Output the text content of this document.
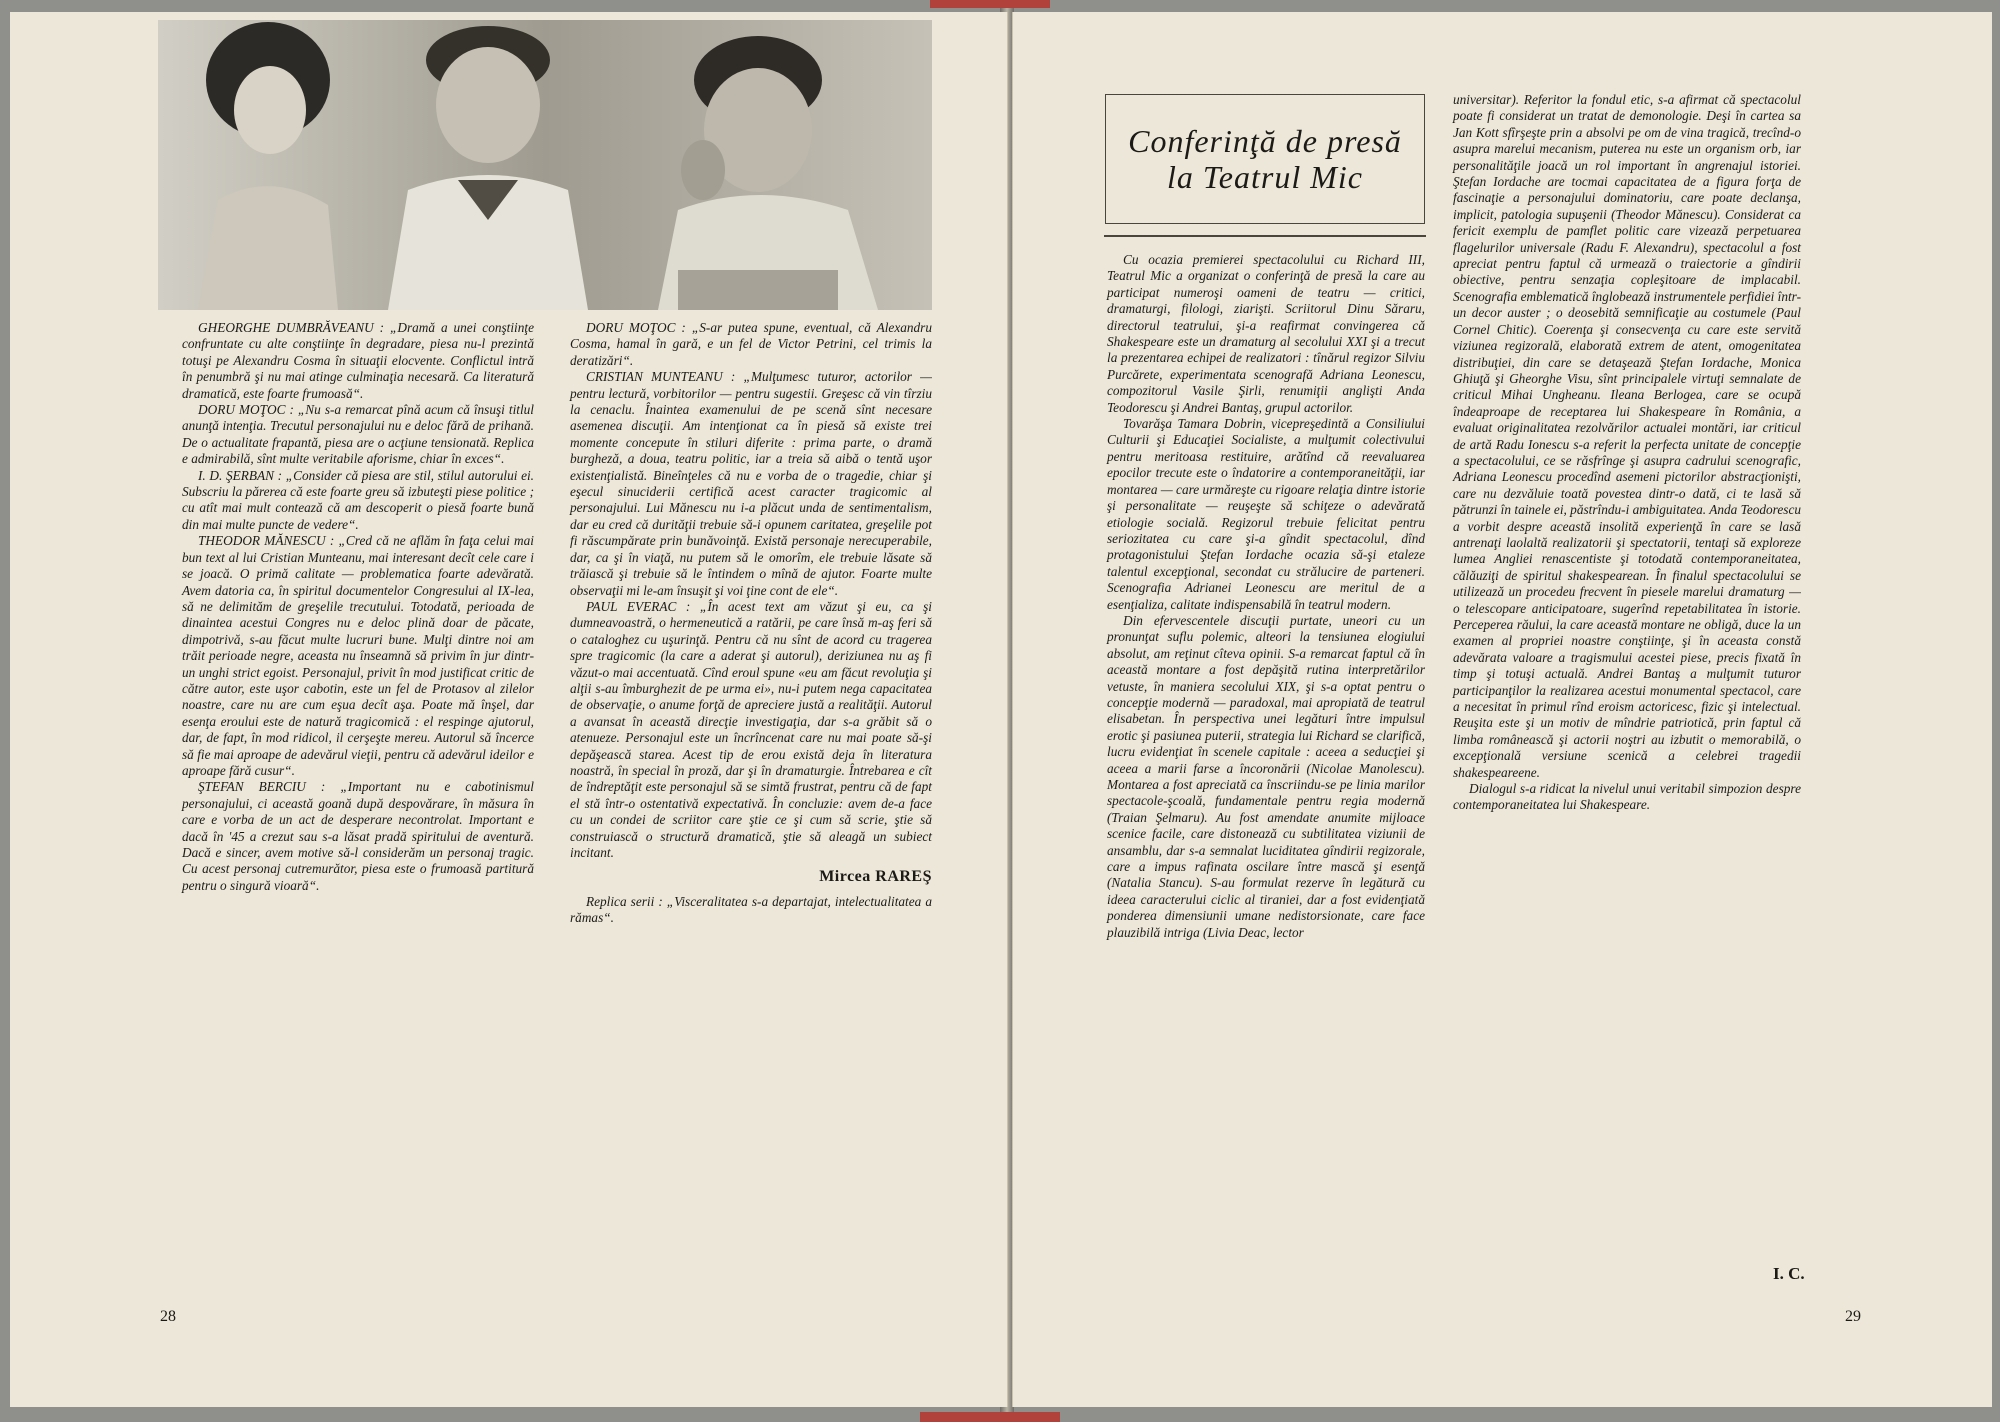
GHEORGHE DUMBRĂVEANU : „Dramă a unei conştiinţe confruntate cu alte conştiinţe în degradare, piesa nu-l prezintă totuşi pe Alexandru Cosma în situaţii elocvente. Conflictul intră în penumbră şi nu mai atinge culminaţia necesară. Ca literatură dramatică, este foarte frumoasă“.

DORU MOŢOC : „Nu s-a remarcat pînă acum că însuşi titlul anunţă intenţia. Trecutul personajului nu e deloc fără de prihană. De o actualitate frapantă, piesa are o acţiune tensionată. Replica e admirabilă, sînt multe veritabile aforisme, chiar în exces“.

I. D. ŞERBAN : „Consider că piesa are stil, stilul autorului ei. Subscriu la părerea că este foarte greu să izbuteşti piese politice ; cu atît mai mult contează că am descoperit o piesă foarte bună din mai multe puncte de vedere“.

THEODOR MĂNESCU : „Cred că ne aflăm în faţa celui mai bun text al lui Cristian Munteanu, mai interesant decît cele care i se joacă. O primă calitate — problematica foarte adevărată. Avem datoria ca, în spiritul documentelor Congresului al IX-lea, să ne delimităm de greşelile trecutului. Totodată, perioada de dinaintea acestui Congres nu e deloc plină doar de păcate, dimpotrivă, s-au făcut multe lucruri bune. Mulţi dintre noi am trăit perioade negre, aceasta nu înseamnă să privim în jur dintr-un unghi strict egoist. Personajul, privit în mod justificat critic de către autor, este uşor cabotin, este un fel de Protasov al zilelor noastre, care nu are cum eşua decît aşa. Poate mă înşel, dar esenţa eroului este de natură tragicomică : el respinge ajutorul, dar, de fapt, în mod ridicol, il cerşeşte mereu. Autorul să încerce să fie mai aproape de adevărul vieţii, pentru că adevărul ideilor e aproape fără cusur“.

ŞTEFAN BERCIU : „Important nu e cabotinismul personajului, ci această goană după despovărare, în măsura în care e vorba de un act de desperare necontrolat. Important e dacă în '45 a crezut sau s-a lăsat pradă spiritului de aventură. Dacă e sincer, avem motive să-l considerăm un personaj tragic. Cu acest personaj cutremurător, piesa este o frumoasă partitură pentru o singură vioară“.

DORU MOŢOC : „S-ar putea spune, eventual, că Alexandru Cosma, hamal în gară, e un fel de Victor Petrini, cel trimis la deratizări“.

CRISTIAN MUNTEANU : „Mulţumesc tuturor, actorilor — pentru lectură, vorbitorilor — pentru sugestii. Greşesc că vin tîrziu la cenaclu. Înaintea examenului de pe scenă sînt necesare asemenea discuţii. Am intenţionat ca în piesă să existe trei momente concepute în stiluri diferite : prima parte, o dramă burgheză, a doua, teatru politic, iar a treia să aibă o tentă uşor existenţialistă. Bineînţeles că nu e vorba de o tragedie, chiar şi eşecul sinuciderii certifică acest caracter tragicomic al personajului. Lui Mănescu nu i-a plăcut unda de sentimentalism, dar eu cred că durităţii trebuie să-i opunem caritatea, greşelile pot fi răscumpărate prin bunăvoinţă. Există personaje nerecuperabile, dar, ca şi în viaţă, nu putem să le omorîm, ele trebuie lăsate să trăiască şi trebuie să le întindem o mînă de ajutor. Foarte multe observaţii mi le-am însuşit şi voi ţine cont de ele“.

PAUL EVERAC : „În acest text am văzut şi eu, ca şi dumneavoastră, o hermeneutică a ratării, pe care însă m-aş feri să o cataloghez cu uşurinţă. Pentru că nu sînt de acord cu tragerea spre tragicomic (la care a aderat şi autorul), deriziunea nu aş fi văzut-o mai accentuată. Cînd eroul spune «eu am făcut revoluţia şi alţii s-au îmburghezit de pe urma ei», nu-i putem nega capacitatea de observaţie, o anume forţă de apreciere justă a realităţii. Autorul a avansat în această direcţie investigaţia, dar s-a grăbit să o atenueze. Personajul este un încrîncenat care nu mai poate să-şi depăşească starea. Acest tip de erou există deja în literatura noastră, în special în proză, dar şi în dramaturgie. Întrebarea e cît de îndreptăţit este personajul să se simtă frustrat, pentru că de fapt el stă într-o ostentativă expectativă. În concluzie: avem de-a face cu un condei de scriitor care ştie ce şi cum să scrie, ştie să construiască o structură dramatică, ştie să aleagă un subiect incitant.

Mircea RAREŞ

Replica serii : „Visceralitatea s-a departajat, intelectualitatea a rămas“.

28
Conferinţă de presă
la Teatrul Mic

Cu ocazia premierei spectacolului cu Richard III, Teatrul Mic a organizat o conferinţă de presă la care au participat numeroşi oameni de teatru — critici, dramaturgi, filologi, ziarişti. Scriitorul Dinu Săraru, directorul teatrului, şi-a reafirmat convingerea că Shakespeare este un dramaturg al secolului XXI şi a trecut la prezentarea echipei de realizatori : tînărul regizor Silviu Purcărete, experimentata scenografă Adriana Leonescu, compozitorul Vasile Şirli, renumiţii anglişti Anda Teodorescu şi Andrei Bantaş, grupul actorilor.

Tovarăşa Tamara Dobrin, vicepreşedintă a Consiliului Culturii şi Educaţiei Socialiste, a mulţumit colectivului pentru meritoasa restituire, arătînd că reevaluarea epocilor trecute este o îndatorire a contemporaneităţii, iar montarea — care urmăreşte cu rigoare relaţia dintre istorie şi personalitate — reuşeşte să schiţeze o adevărată etiologie socială. Regizorul trebuie felicitat pentru seriozitatea cu care şi-a gîndit spectacolul, dînd protagonistului Ştefan Iordache ocazia să-şi etaleze talentul excepţional, secondat cu strălucire de parteneri. Scenografia Adrianei Leonescu are meritul de a esenţializa, calitate indispensabilă în teatrul modern.

Din efervescentele discuţii purtate, uneori cu un pronunţat suflu polemic, alteori la tensiunea elogiului absolut, am reţinut cîteva opinii. S-a remarcat faptul că în această montare a fost depăşită rutina interpretărilor vetuste, în maniera secolului XIX, şi s-a optat pentru o concepţie modernă — paradoxal, mai apropiată de teatrul elisabetan. În perspectiva unei legături între impulsul erotic şi pasiunea puterii, strategia lui Richard se clarifică, lucru evidenţiat în scenele capitale : aceea a seducţiei şi aceea a marii farse a încoronării (Nicolae Manolescu). Montarea a fost apreciată ca înscriindu-se pe linia marilor spectacole-şcoală, fundamentale pentru regia modernă (Traian Şelmaru). Au fost amendate anumite mijloace scenice facile, care distonează cu subtilitatea viziunii de ansamblu, dar s-a semnalat luciditatea gîndirii regizorale, care a impus rafinata oscilare între mască şi esenţă (Natalia Stancu). S-au formulat rezerve în legătură cu ideea caracterului ciclic al tiraniei, dar a fost evidenţiată ponderea dimensiunii umane nedistorsionate, care face plauzibilă intriga (Livia Deac, lector

universitar). Referitor la fondul etic, s-a afirmat că spectacolul poate fi considerat un tratat de demonologie. Deşi în cartea sa Jan Kott sfîrşeşte prin a absolvi pe om de vina tragică, trecînd-o asupra marelui mecanism, puterea nu este un organism orb, iar personalităţile joacă un rol important în angrenajul istoriei. Ştefan Iordache are tocmai capacitatea de a figura forţa de fascinaţie a personajului dominatoriu, care poate declanşa, implicit, patologia supuşenii (Theodor Mănescu). Considerat ca fericit exemplu de pamflet politic care vizează perpetuarea flagelurilor universale (Radu F. Alexandru), spectacolul a fost apreciat pentru faptul că urmează o traiectorie a gîndirii obiective, pentru senzaţia copleşitoare de implacabil. Scenografia emblematică înglobează instrumentele perfidiei într-un decor auster ; o deosebită semnificaţie au costumele (Paul Cornel Chitic). Coerenţa şi consecvenţa cu care este servită viziunea regizorală, elaborată extrem de atent, omogenitatea distribuţiei, din care se detaşează Ştefan Iordache, Monica Ghiuţă şi Gheorghe Visu, sînt principalele virtuţi semnalate de criticul Mihai Ungheanu. Ileana Berlogea, care se ocupă îndeaproape de receptarea lui Shakespeare în România, a evaluat originalitatea rezolvărilor actualei montări, iar criticul de artă Radu Ionescu s-a referit la perfecta unitate de concepţie a spectacolului, ce se răsfrînge şi asupra cadrului scenografic, Adriana Leonescu procedînd asemeni pictorilor abstracţionişti, care nu dezvăluie toată povestea dintr-o dată, ci te lasă să pătrunzi în tainele ei, păstrîndu-i ambiguitatea. Anda Teodorescu a vorbit despre această insolită experienţă în care se lasă antrenaţi laolaltă realizatorii şi spectatorii, tentaţi să exploreze lumea Angliei renascentiste şi totodată contemporaneitatea, călăuziţi de spiritul shakespearean. În finalul spectacolului se utilizează un procedeu frecvent în piesele marelui dramaturg — o telescopare anticipatoare, sugerînd repetabilitatea în istorie. Perceperea răului, la care această montare ne obligă, duce la un examen al propriei noastre conştiinţe, şi în aceasta constă adevărata valoare a tragismului acestei piese, precis fixată în timp şi totuşi actuală. Andrei Bantaş a mulţumit tuturor participanţilor la realizarea acestui monumental spectacol, care a necesitat în primul rînd eroism actoricesc, fizic şi intelectual. Reuşita este şi un motiv de mîndrie patriotică, prin faptul că limba românească şi actorii noştri au izbutit o memorabilă, o excepţională versiune scenică a celebrei tragedii shakespeareene.

Dialogul s-a ridicat la nivelul unui veritabil simpozion despre contemporaneitatea lui Shakespeare.

I. C.
29
